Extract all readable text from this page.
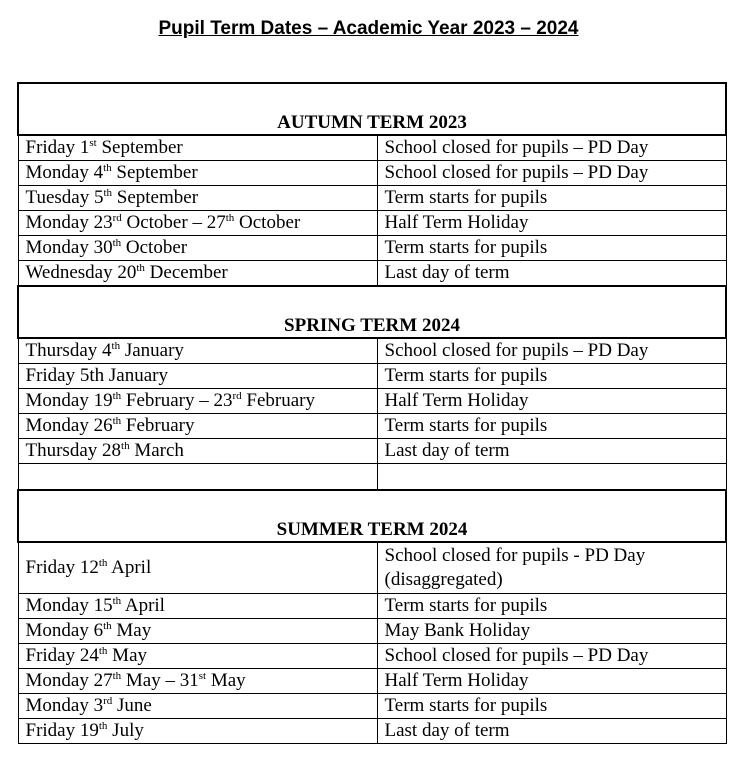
Pupil Term Dates – Academic Year 2023 – 2024
AUTUMN TERM 2023	
Friday 1st September	School closed for pupils – PD Day
Monday 4th September	School closed for pupils – PD Day
Tuesday 5th September	Term starts for pupils
Monday 23rd October – 27th October	Half Term Holiday
Monday 30th October	Term starts for pupils
Wednesday 20th December	Last day of term
SPRING TERM 2024	
Thursday 4th January	School closed for pupils – PD Day
Friday 5th January	Term starts for pupils
Monday 19th February – 23rd February	Half Term Holiday
Monday 26th February	Term starts for pupils
Thursday 28th March	Last day of term

SUMMER TERM 2024	
Friday 12th April	School closed for pupils - PD Day
(disaggregated)

Monday 15th April	Term starts for pupils
Monday 6th May	May Bank Holiday
Friday 24th May	School closed for pupils – PD Day
Monday 27th May – 31st May	Half Term Holiday
Monday 3rd June	Term starts for pupils
Friday 19th July	Last day of term
